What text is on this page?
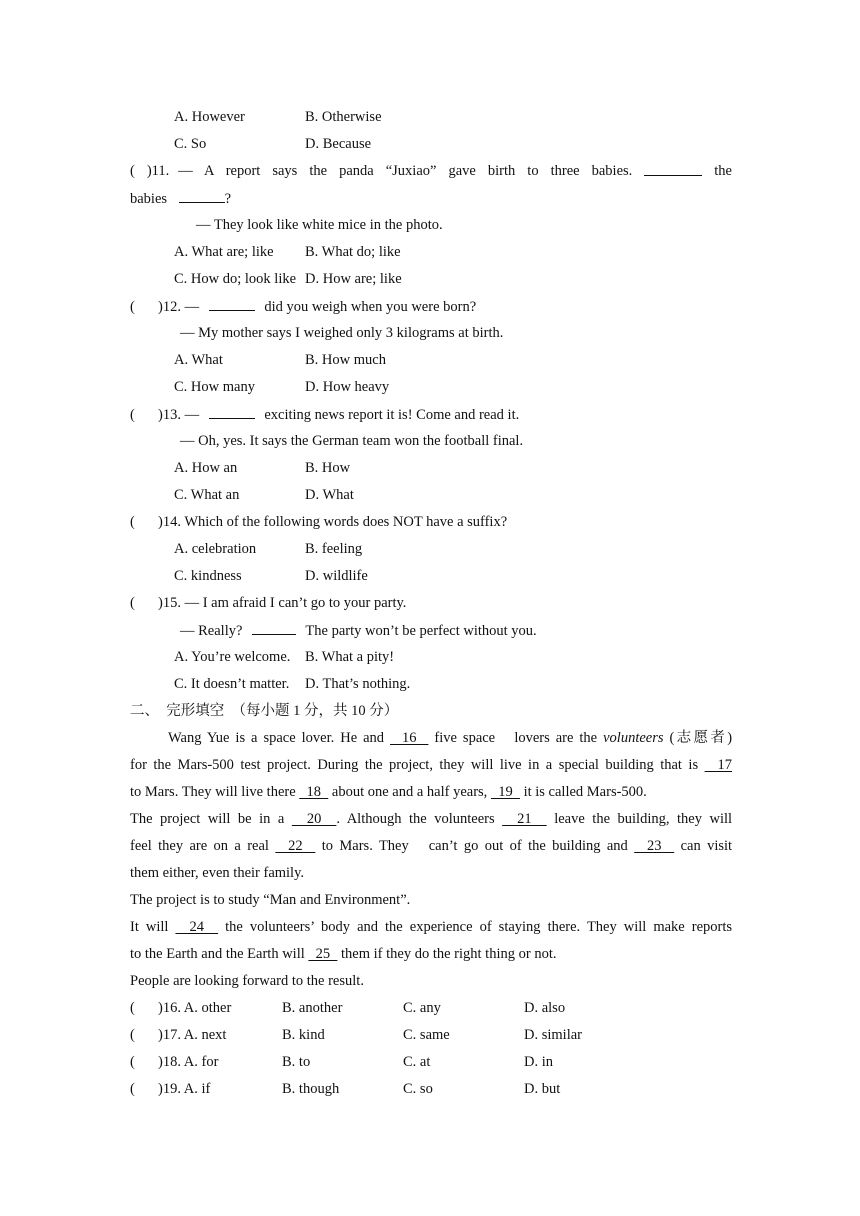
A. However	B. Otherwise
C. So	D. Because
( )11. — A report says the panda “Juxiao” gave birth to three babies.	the
babies	?
— They look like white mice in the photo.
A. What are; like B. What do; like
C. How do; look like D. How are; like
( )12. —	did you weigh when you were born?
— My mother says I weighed only 3 kilograms at birth.
A. What	B. How much
C. How many	D. How heavy
( )13. —	exciting news report it is! Come and read it.
— Oh, yes. It says the German team won the football final.
A. How an	B. How
C. What an	D. What
( )14. Which of the following words does NOT have a suffix?
A. celebration	B. feeling
C. kindness	D. wildlife
( )15. — I am afraid I can’t go to your party.
— Really?	The party won’t be perfect without you.
A. You’re welcome. B. What a pity!
C. It doesn’t matter. D. That’s nothing.
二、　完形填空　（每小题 1 分，共 10 分）
Wang Yue is a space lover. He and   16   five space　lovers are the volunteers (志愿者)
for the Mars-500 test project. During the project, they will live in a special building that is   17
to Mars. They will live there   18   about one and a half years,   19   it is called Mars-500.
The project will be in a   20  . Although the volunteers   21   leave the building, they will
feel they are on a real   22   to Mars. They　can’t go out of the building and   23   can visit
them either, even their family.
The project is to study “Man and Environment”.
It will   24   the volunteers’ body and the experience of staying there. They will make reports
to the Earth and the Earth will   25   them if they do the right thing or not.
People are looking forward to the result.
( )16. A. other	B. another	C. any	D. also
( )17. A. next	B. kind	C. same	D. similar
( )18. A. for	B. to	C. at	D. in
( )19. A. if	B. though	C. so	D. but
